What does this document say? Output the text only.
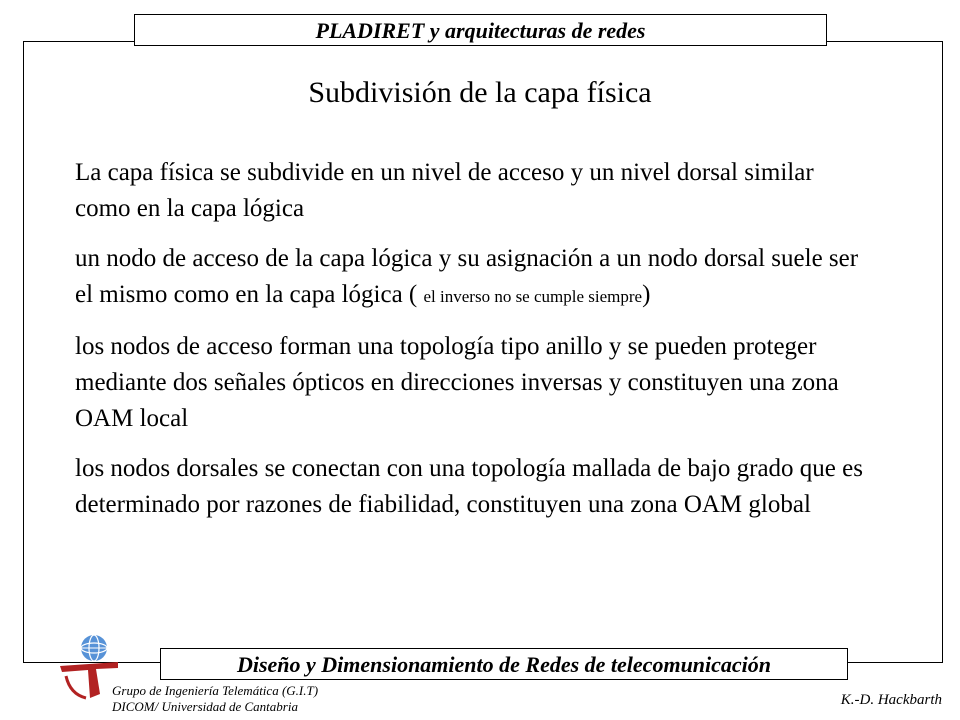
PLADIRET y arquitecturas de redes
Subdivisión de la capa física

La capa física se subdivide en un nivel de acceso y un nivel dorsal similar como en la capa lógica

un nodo de acceso de la capa lógica y su asignación a un nodo dorsal suele ser el mismo como en la capa lógica ( el inverso no se cumple siempre)

los nodos de acceso forman una topología tipo anillo y se pueden proteger mediante dos señales ópticos en direcciones inversas y constituyen una zona OAM local

los nodos dorsales se conectan con una topología mallada de bajo grado que es determinado por razones de fiabilidad, constituyen una zona OAM global

Diseño y Dimensionamiento de Redes de telecomunicación
Grupo de Ingeniería Telemática (G.I.T)
DICOM/ Universidad de Cantabria	K.-D. Hackbarth
